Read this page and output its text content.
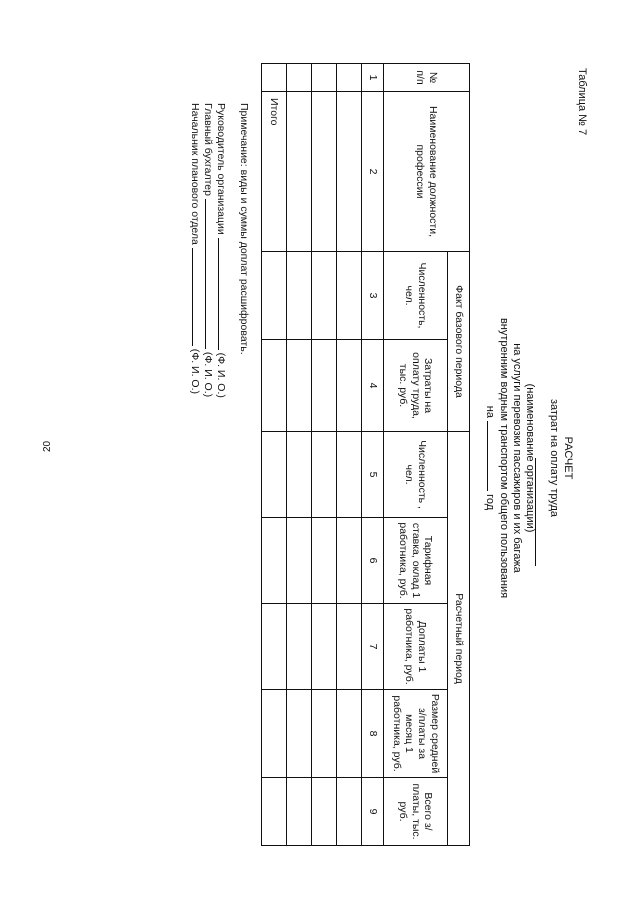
20
Таблица № 7
РАСЧЕТ
затрат на оплату труда
(наименование организации)
на услуги перевозки пассажиров и их багажа
внутренним водным транспортом общего пользования
на  год
№ п/п	Наименование должности, профессии	Факт базового периода		Расчетный период				
		Численность, чел.	Затраты на оплату труда, тыс. руб.	Численность , чел.	Тарифная ставка, оклад 1 работника, руб.	Доплаты 1 работника, руб.	Размер средней з/платы за месяц 1 работника, руб.	Всего з/платы, тыс. руб.
1	2	3	4	5	6	7	8	9

	Итого							
Примечание: виды и суммы доплат расшифровать.
Руководитель организации  (Ф. И. О.)
Главный бухгалтер  (Ф. И. О.)
Начальник планового отдела  (Ф. И. О.)
